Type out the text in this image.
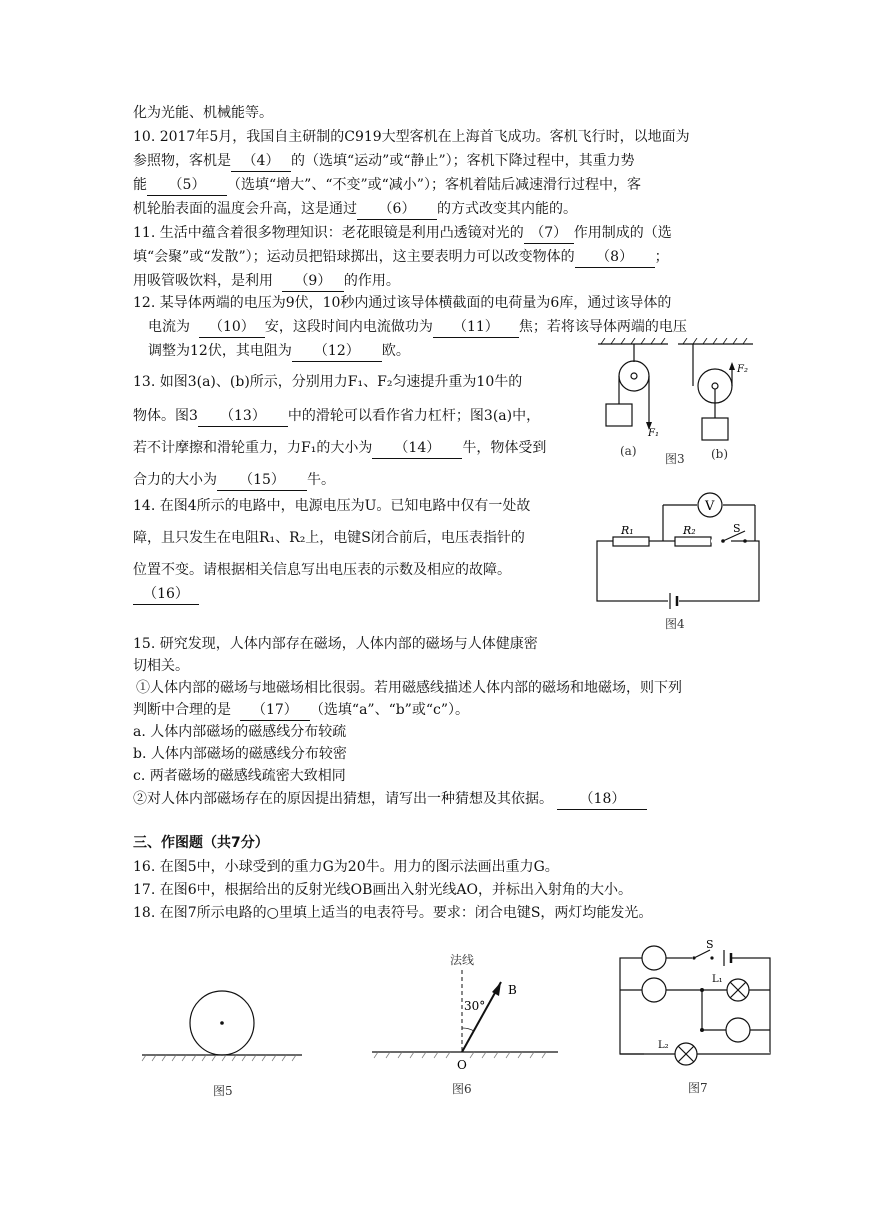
化为光能、机械能等。
10. 2017年5月，我国自主研制的C919大型客机在上海首飞成功。客机飞行时，以地面为
参照物，客机是 （4） 的（选填“运动”或“静止”）；客机下降过程中，其重力势
能 （5） （选填“增大”、“不变”或“减小”）；客机着陆后减速滑行过程中，客
机轮胎表面的温度会升高，这是通过 （6） 的方式改变其内能的。
11. 生活中蕴含着很多物理知识：老花眼镜是利用凸透镜对光的 （7） 作用制成的（选
填“会聚”或“发散”）；运动员把铅球掷出，这主要表明力可以改变物体的 （8） ；
用吸管吸饮料，是利用 （9） 的作用。
12. 某导体两端的电压为9伏，10秒内通过该导体横截面的电荷量为6库，通过该导体的
电流为 （10） 安，这段时间内电流做功为 （11） 焦；若将该导体两端的电压
调整为12伏，其电阻为 （12） 欧。
13. 如图3(a)、(b)所示，分别用力F₁、F₂匀速提升重为10牛的
物体。图3 （13） 中的滑轮可以看作省力杠杆；图3(a)中，
若不计摩擦和滑轮重力，力F₁的大小为 （14） 牛，物体受到
合力的大小为 （15） 牛。
14. 在图4所示的电路中，电源电压为U。已知电路中仅有一处故
障，且只发生在电阻R₁、R₂上，电键S闭合前后，电压表指针的
位置不变。请根据相关信息写出电压表的示数及相应的故障。
（16）
15. 研究发现，人体内部存在磁场，人体内部的磁场与人体健康密
切相关。
①人体内部的磁场与地磁场相比很弱。若用磁感线描述人体内部的磁场和地磁场，则下列
判断中合理的是 （17） （选填“a”、“b”或“c”）。
a. 人体内部磁场的磁感线分布较疏
b. 人体内部磁场的磁感线分布较密
c. 两者磁场的磁感线疏密大致相同
②对人体内部磁场存在的原因提出猜想，请写出一种猜想及其依据。 （18）
三、作图题（共7分）
16. 在图5中，小球受到的重力G为20牛。用力的图示法画出重力G。
17. 在图6中，根据给出的反射光线OB画出入射光线AO，并标出入射角的大小。
18. 在图7所示电路的○里填上适当的电表符号。要求：闭合电键S，两灯均能发光。
F₁
F₂
(a)
图3 (b)
V
R₁	R₂	S
图4
图5
法线
30°
B
O
图6
S
L₁
L₂
图7
